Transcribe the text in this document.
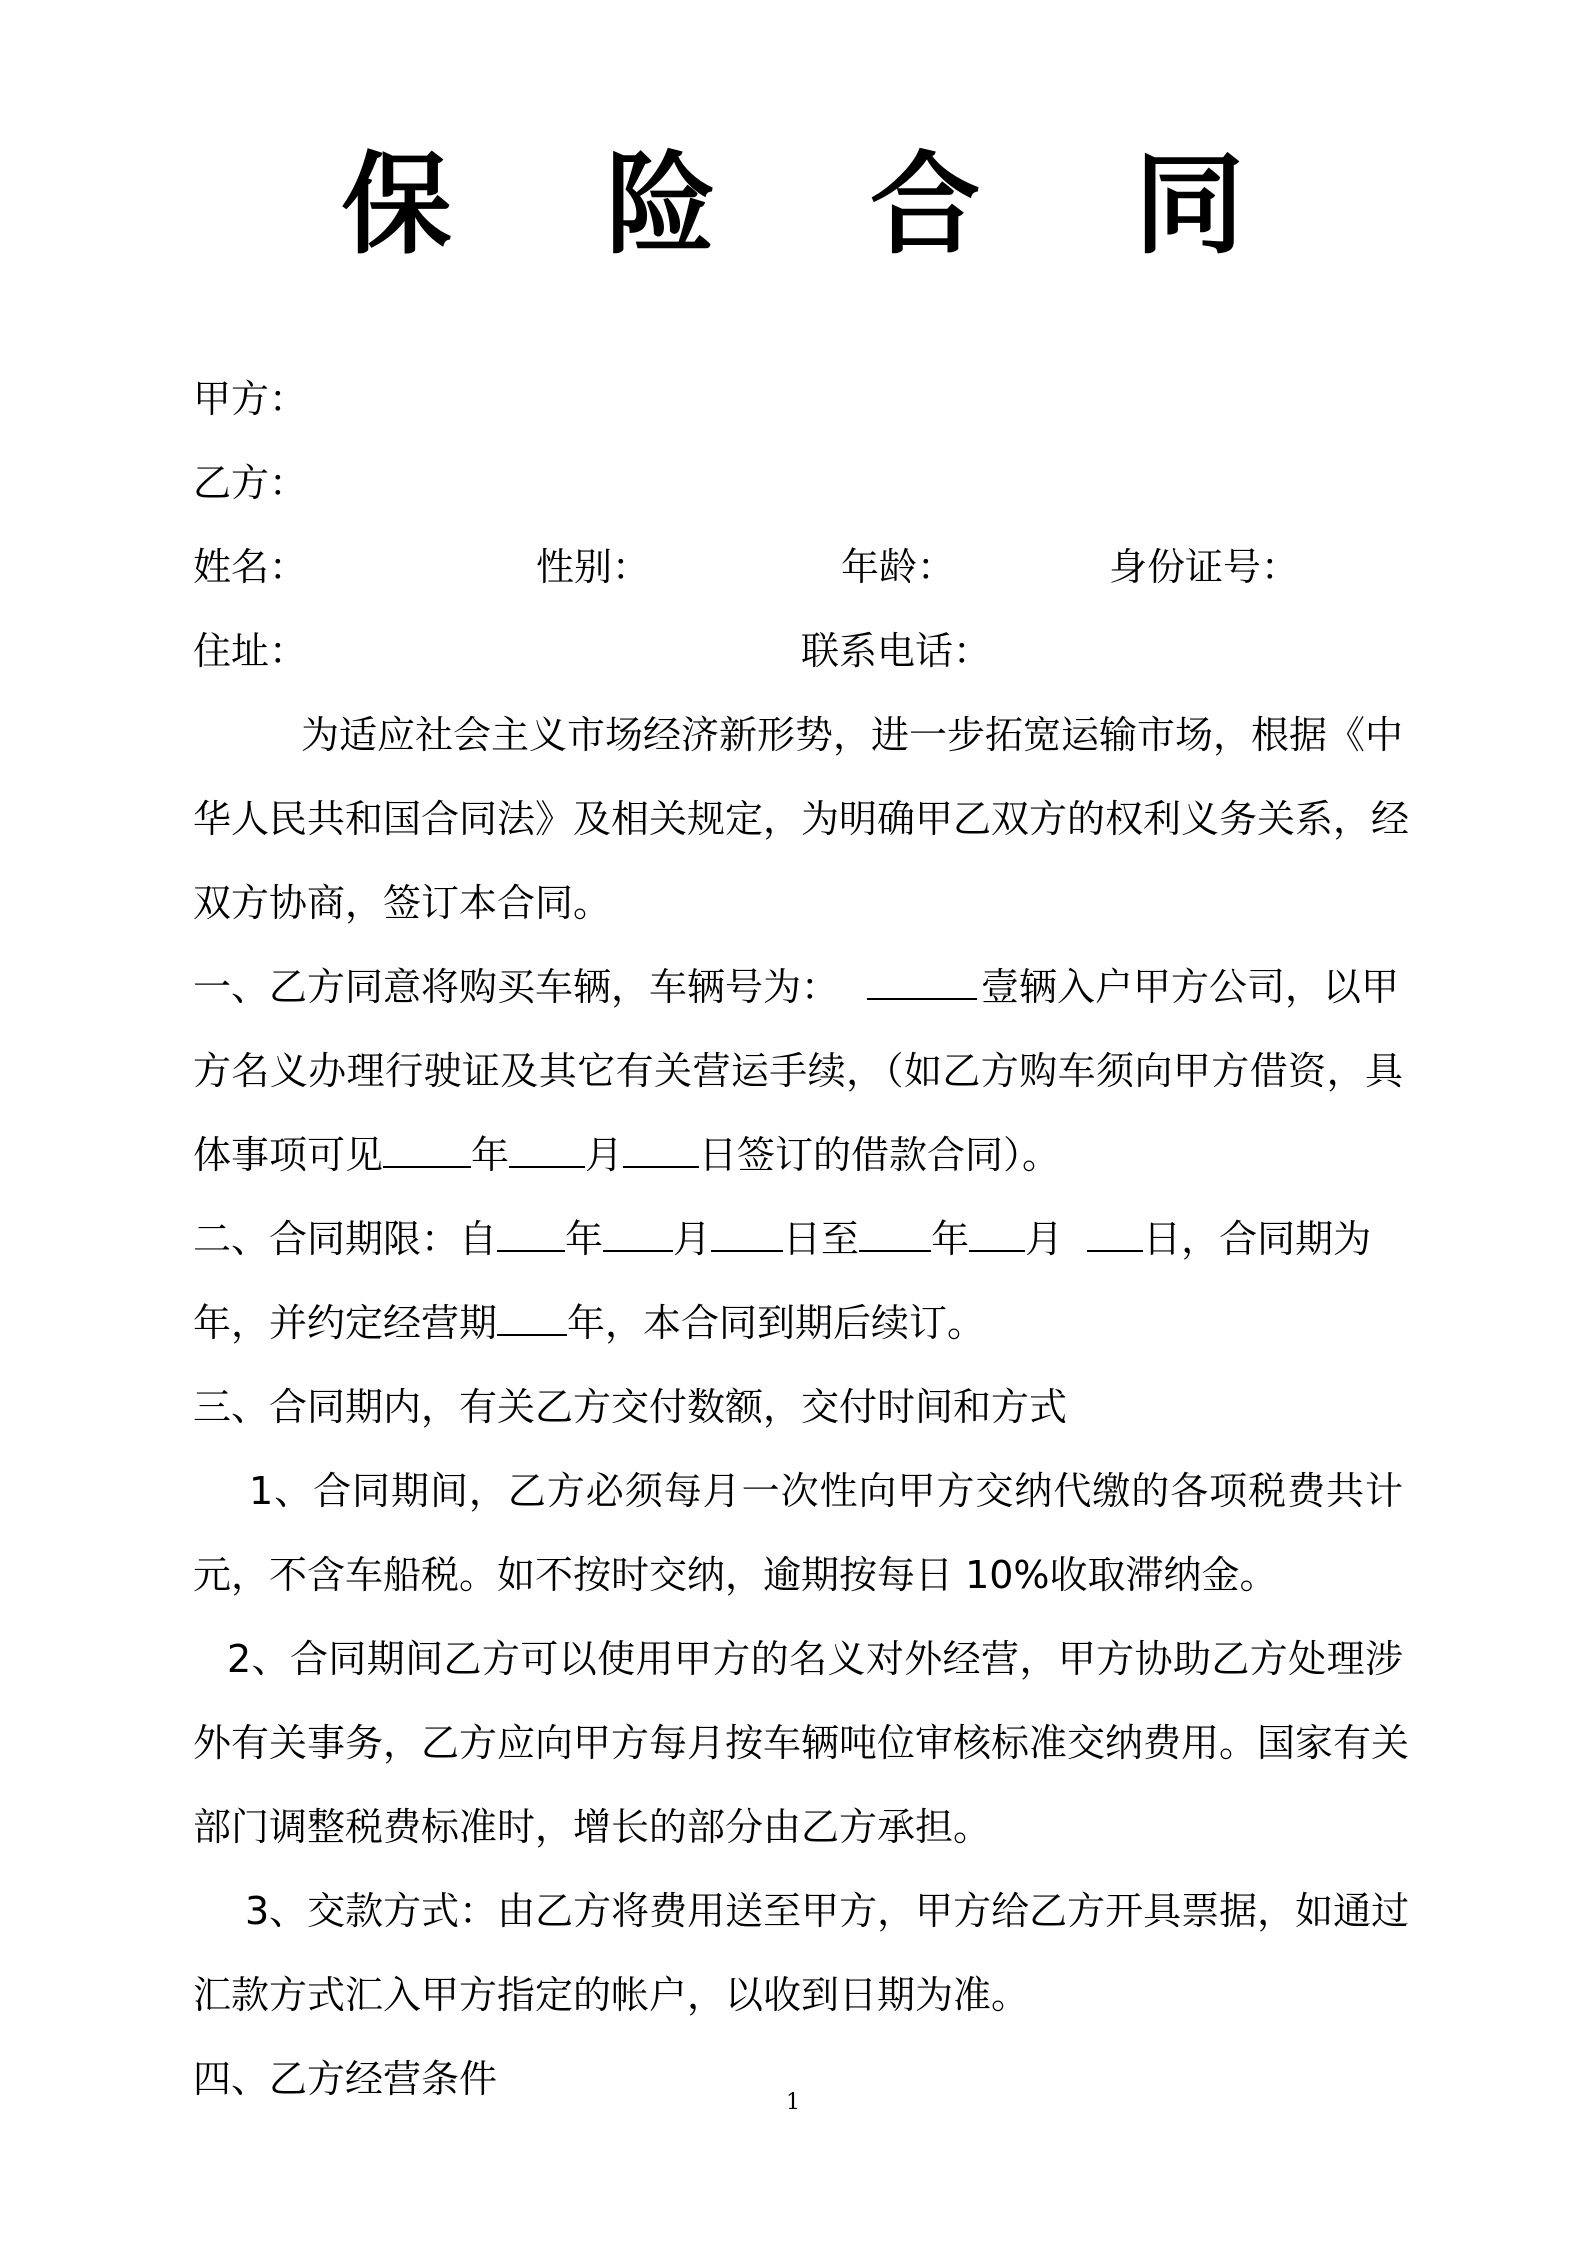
保 险 合 同
甲方：
乙方：
姓名：	性别：	年龄：	身份证号：
住址：	联系电话：
为适应社会主义市场经济新形势，进一步拓宽运输市场，根据《中
华人民共和国合同法》及相关规定，为明确甲乙双方的权利义务关系，经
双方协商，签订本合同。
一、乙方同意将购买车辆，车辆号为：	壹辆入户甲方公司，以甲
方名义办理行驶证及其它有关营运手续，（如乙方购车须向甲方借资，具
体事项可见 年 月 日签订的借款合同）。
二、合同期限：自 年 月 日至 年 月 日，合同期为
年，并约定经营期 年，本合同到期后续订。
三、合同期内，有关乙方交付数额，交付时间和方式
1、合同期间，乙方必须每月一次性向甲方交纳代缴的各项税费共计
元，不含车船税。如不按时交纳，逾期按每日 10%收取滞纳金。
2、合同期间乙方可以使用甲方的名义对外经营，甲方协助乙方处理涉
外有关事务，乙方应向甲方每月按车辆吨位审核标准交纳费用。国家有关
部门调整税费标准时，增长的部分由乙方承担。
3、交款方式：由乙方将费用送至甲方，甲方给乙方开具票据，如通过
汇款方式汇入甲方指定的帐户，以收到日期为准。
四、乙方经营条件
1
